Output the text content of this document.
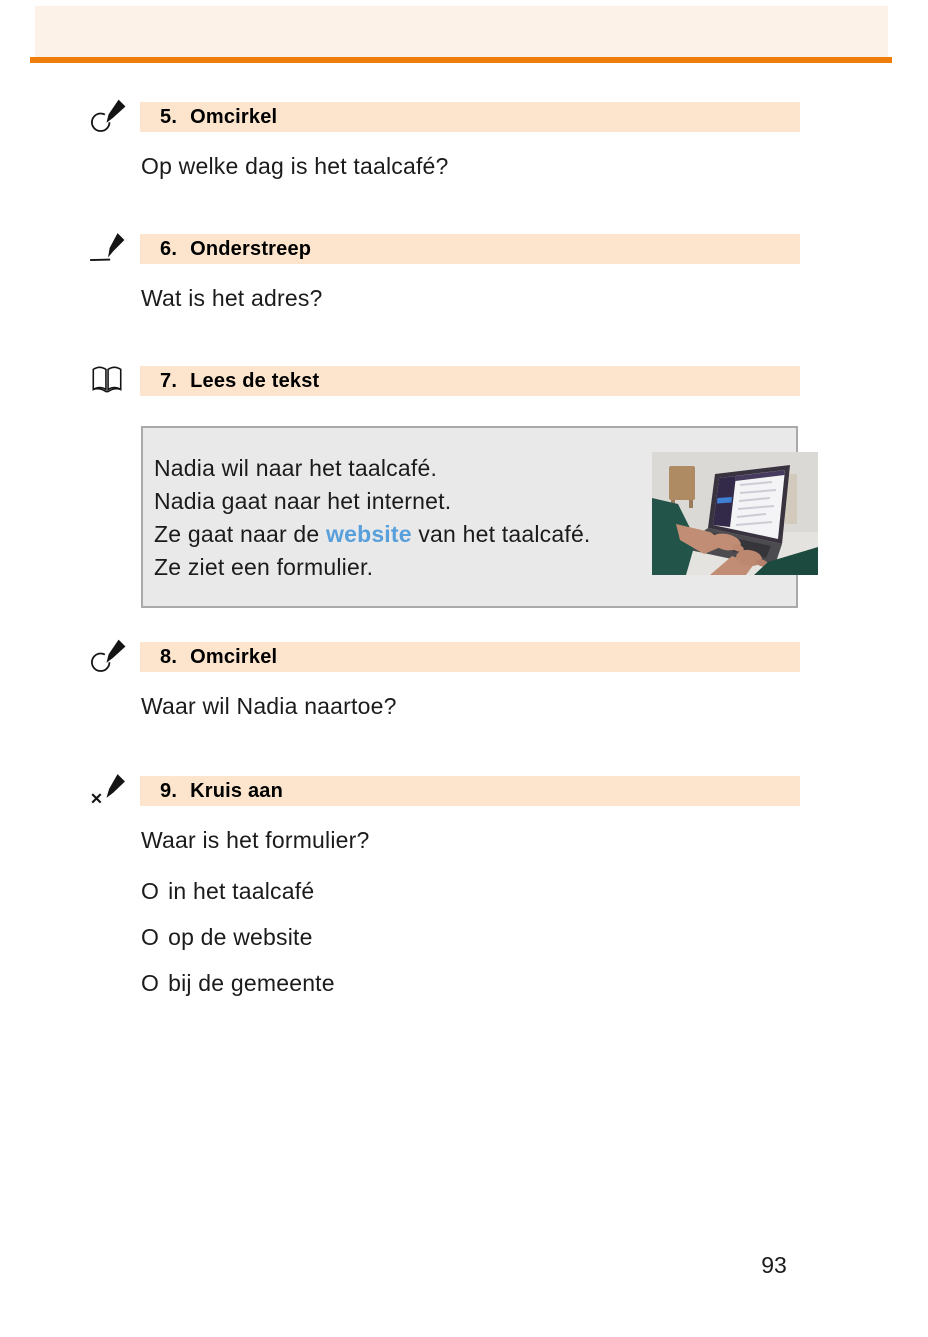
5. Omcirkel
Op welke dag is het taalcafé?
6. Onderstreep
Wat is het adres?
7. Lees de tekst
Nadia wil naar het taalcafé.
Nadia gaat naar het internet.
Ze gaat naar de website van het taalcafé.
Ze ziet een formulier.
8. Omcirkel
Waar wil Nadia naartoe?
9. Kruis aan
Waar is het formulier?
O in het taalcafé
O op de website
O bij de gemeente
93
